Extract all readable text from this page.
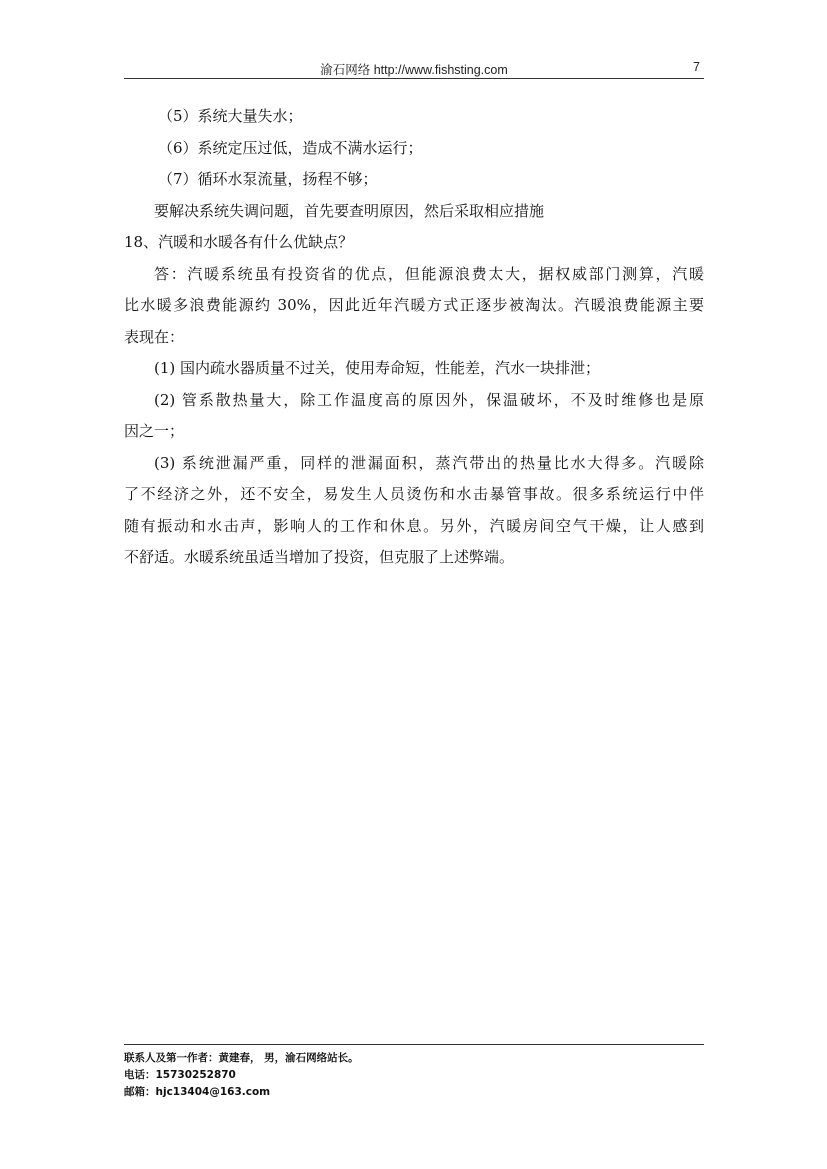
渝石网络 http://www.fishsting.com	7
（5）系统大量失水；
（6）系统定压过低，造成不满水运行；
（7）循环水泵流量，扬程不够；
要解决系统失调问题，首先要查明原因，然后采取相应措施
18、汽暖和水暖各有什么优缺点？
答：汽暖系统虽有投资省的优点，但能源浪费太大，据权威部门测算，汽暖
比水暖多浪费能源约 30%，因此近年汽暖方式正逐步被淘汰。汽暖浪费能源主要
表现在：
(1) 国内疏水器质量不过关，使用寿命短，性能差，汽水一块排泄；
(2) 管系散热量大，除工作温度高的原因外，保温破坏，不及时维修也是原
因之一；
(3) 系统泄漏严重，同样的泄漏面积，蒸汽带出的热量比水大得多。汽暖除
了不经济之外，还不安全，易发生人员烫伤和水击暴管事故。很多系统运行中伴
随有振动和水击声，影响人的工作和休息。另外，汽暖房间空气干燥，让人感到
不舒适。水暖系统虽适当增加了投资，但克服了上述弊端。
联系人及第一作者：黄建春， 男，渝石网络站长。
电话：15730252870
邮箱：hjc13404@163.com
